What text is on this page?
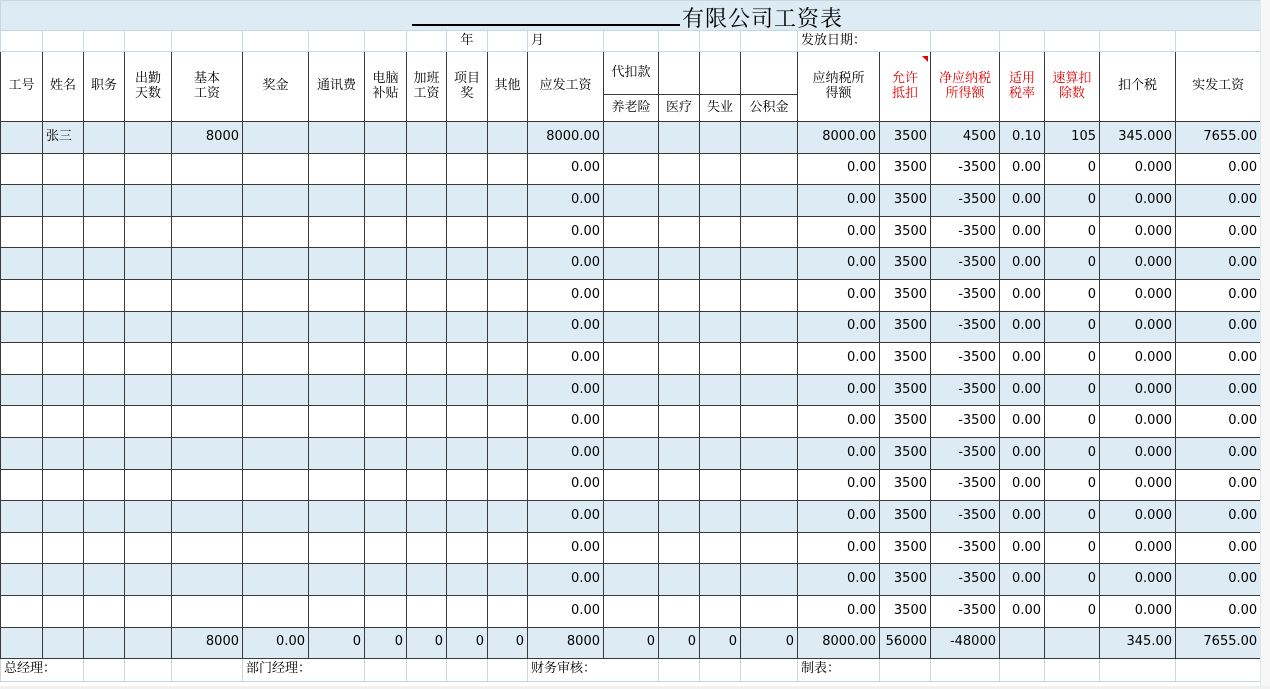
									年		月					发放日期：						
工号	姓名	职务	出勤天数	基本工资	奖金	通讯费	电脑补贴	加班工资	项目奖	其他	应发工资	代扣款				应纳税所得额	允许抵扣	净应纳税所得额	适用税率	速算扣除数	扣个税	实发工资
												养老险	医疗	失业	公积金							
	张三			8000							8000.00					8000.00	3500	4500	0.10	105	345.000	7655.00
											0.00					0.00	3500	-3500	0.00	0	0.000	0.00
											0.00					0.00	3500	-3500	0.00	0	0.000	0.00
											0.00					0.00	3500	-3500	0.00	0	0.000	0.00
											0.00					0.00	3500	-3500	0.00	0	0.000	0.00
											0.00					0.00	3500	-3500	0.00	0	0.000	0.00
											0.00					0.00	3500	-3500	0.00	0	0.000	0.00
											0.00					0.00	3500	-3500	0.00	0	0.000	0.00
											0.00					0.00	3500	-3500	0.00	0	0.000	0.00
											0.00					0.00	3500	-3500	0.00	0	0.000	0.00
											0.00					0.00	3500	-3500	0.00	0	0.000	0.00
											0.00					0.00	3500	-3500	0.00	0	0.000	0.00
											0.00					0.00	3500	-3500	0.00	0	0.000	0.00
											0.00					0.00	3500	-3500	0.00	0	0.000	0.00
											0.00					0.00	3500	-3500	0.00	0	0.000	0.00
											0.00					0.00	3500	-3500	0.00	0	0.000	0.00
				8000	0.00	0	0	0	0	0	8000	0	0	0	0	8000.00	56000	-48000			345.00	7655.00
总经理：					部门经理：						财务审核：					制表：						
有限公司工资表
